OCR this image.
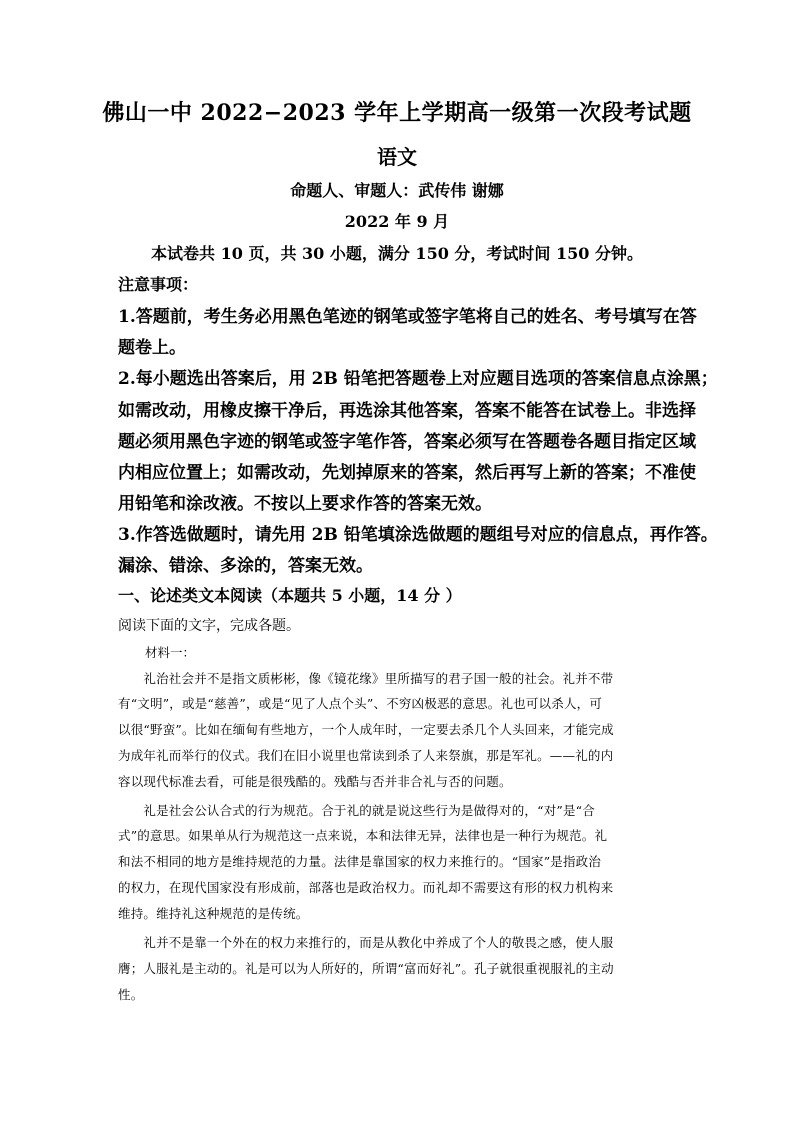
佛山一中 2022−2023 学年上学期高一级第一次段考试题
语文
命题人、审题人：武传伟 谢娜
2022 年 9 月
本试卷共 10 页，共 30 小题，满分 150 分，考试时间 150 分钟。
注意事项：
1.答题前，考生务必用黑色笔迹的钢笔或签字笔将自己的姓名、考号填写在答
题卷上。
2.每小题选出答案后，用 2B 铅笔把答题卷上对应题目选项的答案信息点涂黑；
如需改动，用橡皮擦干净后，再选涂其他答案，答案不能答在试卷上。非选择
题必须用黑色字迹的钢笔或签字笔作答，答案必须写在答题卷各题目指定区域
内相应位置上；如需改动，先划掉原来的答案，然后再写上新的答案；不准使
用铅笔和涂改液。不按以上要求作答的答案无效。
3.作答选做题时，请先用 2B 铅笔填涂选做题的题组号对应的信息点，再作答。
漏涂、错涂、多涂的，答案无效。
一、论述类文本阅读（本题共 5 小题，14 分 ）
阅读下面的文字，完成各题。
材料一：
　　礼治社会并不是指文质彬彬，像《镜花缘》里所描写的君子国一般的社会。礼并不带
有“文明”，或是“慈善”，或是“见了人点个头”、不穷凶极恶的意思。礼也可以杀人，可
以很“野蛮”。比如在缅甸有些地方，一个人成年时，一定要去杀几个人头回来，才能完成
为成年礼而举行的仪式。我们在旧小说里也常读到杀了人来祭旗，那是军礼。——礼的内
容以现代标准去看，可能是很残酷的。残酷与否并非合礼与否的问题。
　　礼是社会公认合式的行为规范。合于礼的就是说这些行为是做得对的，“对”是“合
式”的意思。如果单从行为规范这一点来说，本和法律无异，法律也是一种行为规范。礼
和法不相同的地方是维持规范的力量。法律是靠国家的权力来推行的。“国家”是指政治
的权力，在现代国家没有形成前，部落也是政治权力。而礼却不需要这有形的权力机构来
维持。维持礼这种规范的是传统。
　　礼并不是靠一个外在的权力来推行的，而是从教化中养成了个人的敬畏之感，使人服
膺；人服礼是主动的。礼是可以为人所好的，所谓“富而好礼”。孔子就很重视服礼的主动
性。
